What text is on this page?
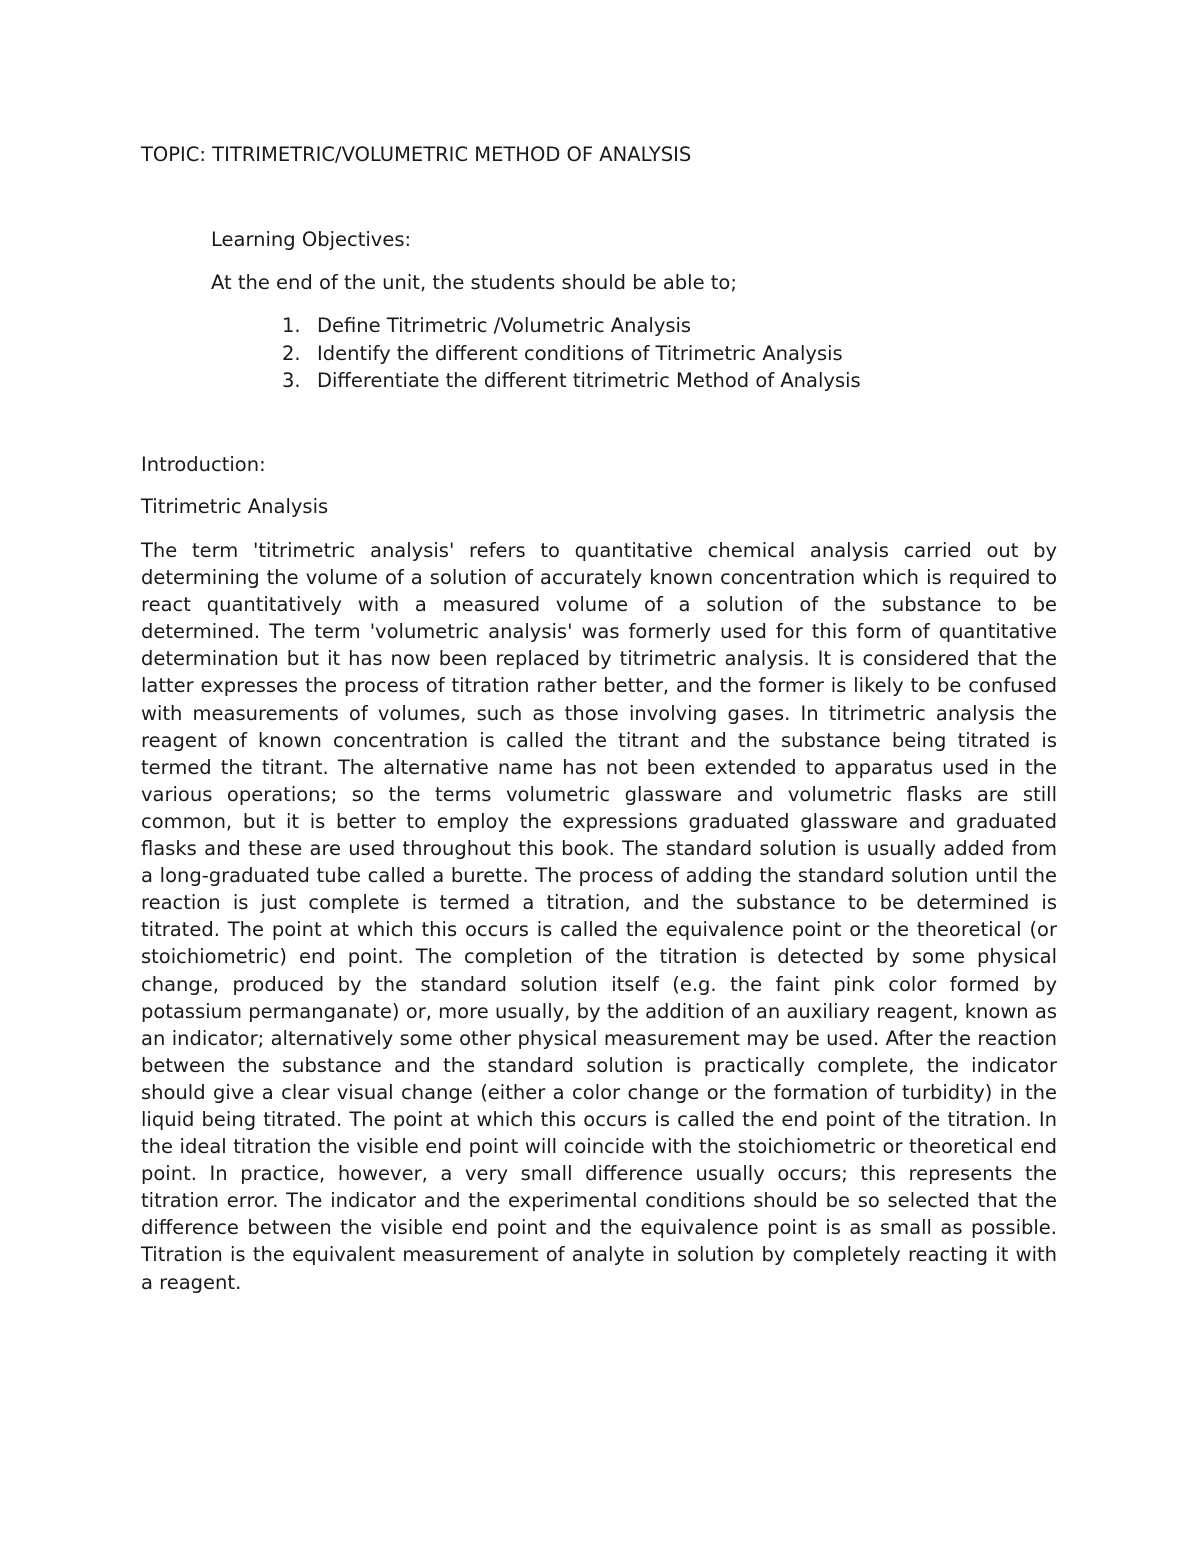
TOPIC: TITRIMETRIC/VOLUMETRIC METHOD OF ANALYSIS
Learning Objectives:
At the end of the unit, the students should be able to;
1. Define Titrimetric /Volumetric Analysis
2. Identify the different conditions of Titrimetric Analysis
3. Differentiate the different titrimetric Method of Analysis
Introduction:
Titrimetric Analysis

The term 'titrimetric analysis' refers to quantitative chemical analysis carried out by determining the volume of a solution of accurately known concentration which is required to react quantitatively with a measured volume of a solution of the substance to be determined. The term 'volumetric analysis' was formerly used for this form of quantitative determination but it has now been replaced by titrimetric analysis. It is considered that the latter expresses the process of titration rather better, and the former is likely to be confused with measurements of volumes, such as those involving gases. In titrimetric analysis the reagent of known concentration is called the titrant and the substance being titrated is termed the titrant. The alternative name has not been extended to apparatus used in the various operations; so the terms volumetric glassware and volumetric flasks are still common, but it is better to employ the expressions graduated glassware and graduated flasks and these are used throughout this book. The standard solution is usually added from a long-graduated tube called a burette. The process of adding the standard solution until the reaction is just complete is termed a titration, and the substance to be determined is titrated. The point at which this occurs is called the equivalence point or the theoretical (or stoichiometric) end point. The completion of the titration is detected by some physical change, produced by the standard solution itself (e.g. the faint pink color formed by potassium permanganate) or, more usually, by the addition of an auxiliary reagent, known as an indicator; alternatively some other physical measurement may be used. After the reaction between the substance and the standard solution is practically complete, the indicator should give a clear visual change (either a color change or the formation of turbidity) in the liquid being titrated. The point at which this occurs is called the end point of the titration. In the ideal titration the visible end point will coincide with the stoichiometric or theoretical end point. In practice, however, a very small difference usually occurs; this represents the titration error. The indicator and the experimental conditions should be so selected that the difference between the visible end point and the equivalence point is as small as possible. Titration is the equivalent measurement of analyte in solution by completely reacting it with a reagent.
